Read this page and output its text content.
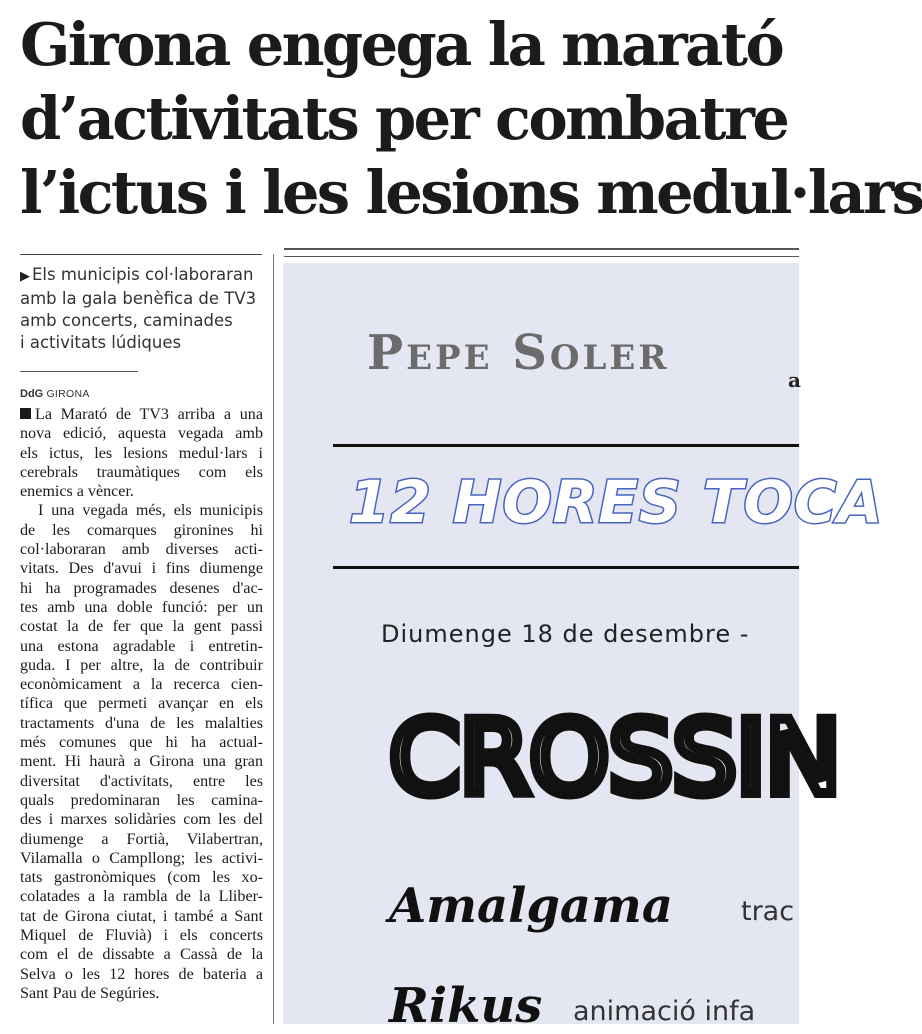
Girona engega la marató
d’activitats per combatre
l’ictus i les lesions medul·lars
▶ Els municipis col·laboraran
amb la gala benèfica de TV3
amb concerts, caminades
i activitats lúdiques
DdG GIRONA
La Marató de TV3 arriba a una
nova edició, aquesta vegada amb
els ictus, les lesions medul·lars i
cerebrals traumàtiques com els
enemics a vèncer.
I una vegada més, els municipis
de les comarques gironines hi
col·laboraran amb diverses acti-
vitats. Des d'avui i fins diumenge
hi ha programades desenes d'ac-
tes amb una doble funció: per un
costat la de fer que la gent passi
una estona agradable i entretin-
guda. I per altre, la de contribuir
econòmicament a la recerca cien-
tífica que permeti avançar en els
tractaments d'una de les malalties
més comunes que hi ha actual-
ment. Hi haurà a Girona una gran
diversitat d'activitats, entre les
quals predominaran les camina-
des i marxes solidàries com les del
diumenge a Fortià, Vilabertran,
Vilamalla o Campllong; les activi-
tats gastronòmiques (com les xo-
colatades a la rambla de la Lliber-
tat de Girona ciutat, i també a Sant
Miquel de Fluvià) i els concerts
com el de dissabte a Cassà de la
Selva o les 12 hores de bateria a
Sant Pau de Segúries.
Pepe Soler	a
12 HORES TOCA
Diumenge 18 de desembre -
CROSSIN
Amalgama	trac
Rikus animació infa
